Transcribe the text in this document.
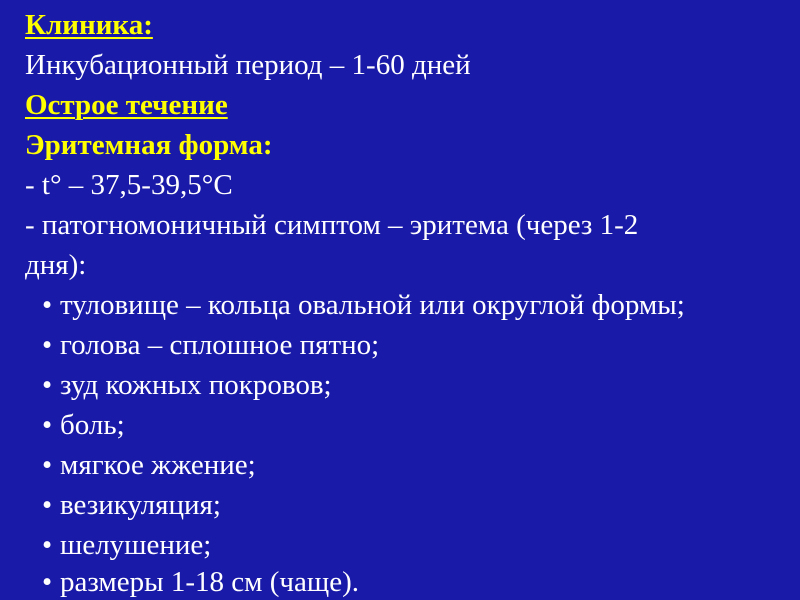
Клиника:
Инкубационный период – 1-60 дней
Острое течение
Эритемная форма:
- t° – 37,5-39,5°С
- патогномоничный симптом – эритема (через 1-2
дня):
• туловище – кольца овальной или округлой формы;
• голова – сплошное пятно;
• зуд кожных покровов;
• боль;
• мягкое жжение;
• везикуляция;
• шелушение;
• размеры 1-18 см (чаще).
